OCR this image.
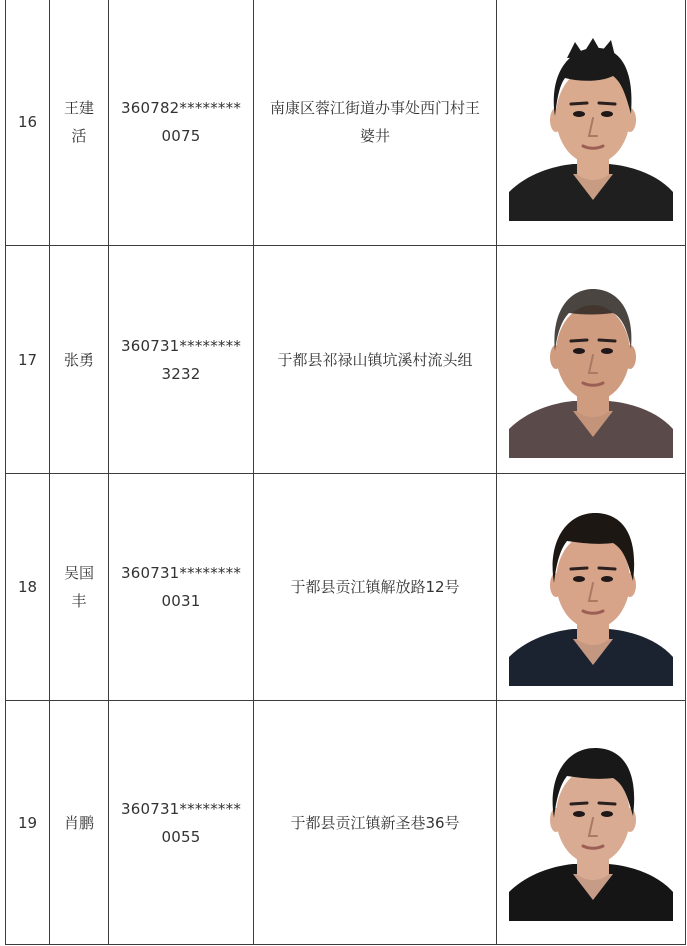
16	王建活	360782********0075	南康区蓉江街道办事处西门村王婆井	

17	张勇	360731********3232	于都县祁禄山镇坑溪村流头组	

18	吴国丰	360731********0031	于都县贡江镇解放路12号	

19	肖鹏	360731********0055	于都县贡江镇新圣巷36号	
